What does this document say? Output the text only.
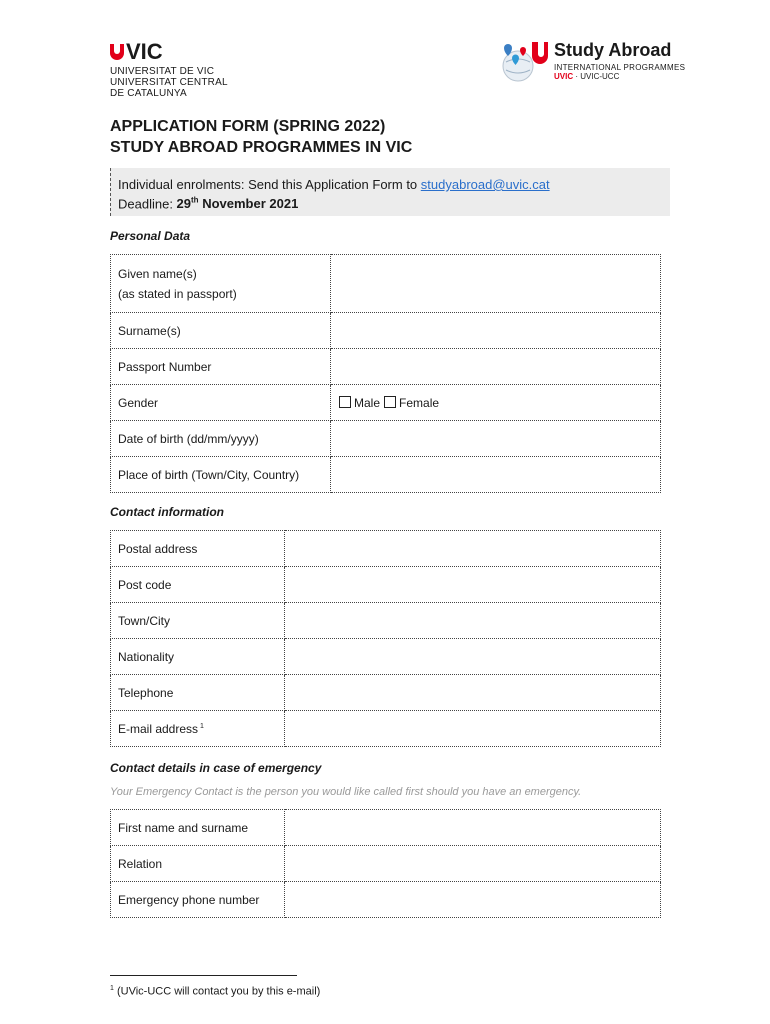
VIC
UNIVERSITAT DE VIC
UNIVERSITAT CENTRAL
DE CATALUNYA
Study Abroad
INTERNATIONAL PROGRAMMES
UVIC · UVIC-UCC
APPLICATION FORM (SPRING 2022)
STUDY ABROAD PROGRAMMES IN VIC
Individual enrolments: Send this Application Form to studyabroad@uvic.cat
Deadline: 29th November 2021
Personal Data
Given name(s)
(as stated in passport)	

Surname(s)	
Passport Number	
Gender	Male Female
Date of birth (dd/mm/yyyy)	
Place of birth (Town/City, Country)	
Contact information
Postal address	
Post code	
Town/City	
Nationality	
Telephone	
E-mail address $^1$	
Contact details in case of emergency
Your Emergency Contact is the person you would like called first should you have an emergency.
First name and surname	
Relation	
Emergency phone number	
$^1$ (UVic-UCC will contact you by this e-mail)
